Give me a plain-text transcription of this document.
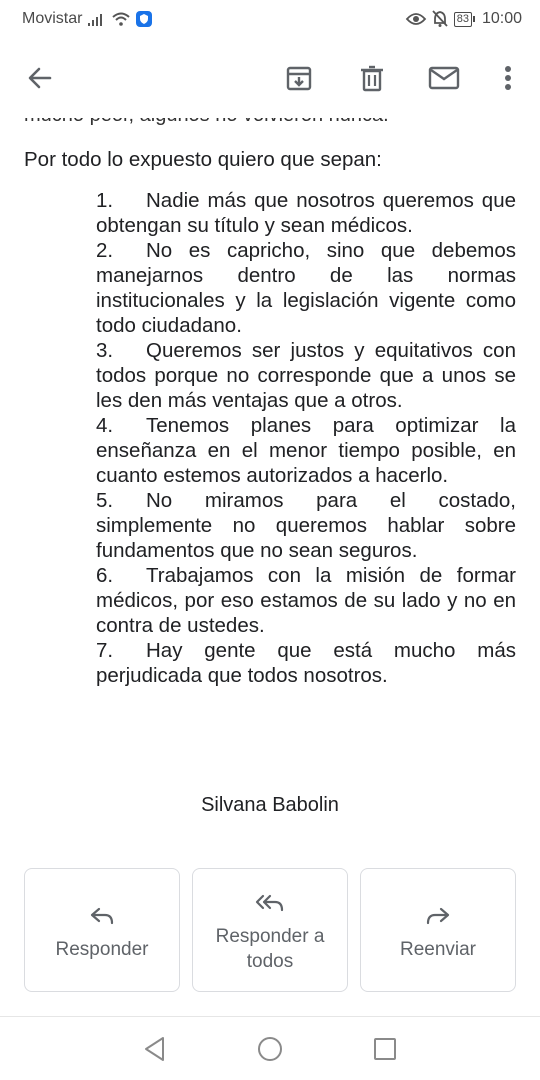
Movistar	83 10:00
Por todo lo expuesto quiero que sepan:
1. Nadie más que nosotros queremos que obtengan su título y sean médicos.
2. No es capricho, sino que debemos manejarnos dentro de las normas institucionales y la legislación vigente como todo ciudadano.
3. Queremos ser justos y equitativos con todos porque no corresponde que a unos se les den más ventajas que a otros.
4. Tenemos planes para optimizar la enseñanza en el menor tiempo posible, en cuanto estemos autorizados a hacerlo.
5. No miramos para el costado, simplemente no queremos hablar sobre fundamentos que no sean seguros.
6. Trabajamos con la misión de formar médicos, por eso estamos de su lado y no en contra de ustedes.
7. Hay gente que está mucho más perjudicada que todos nosotros.
Silvana Babolin
Responder
Responder a todos
Reenviar
